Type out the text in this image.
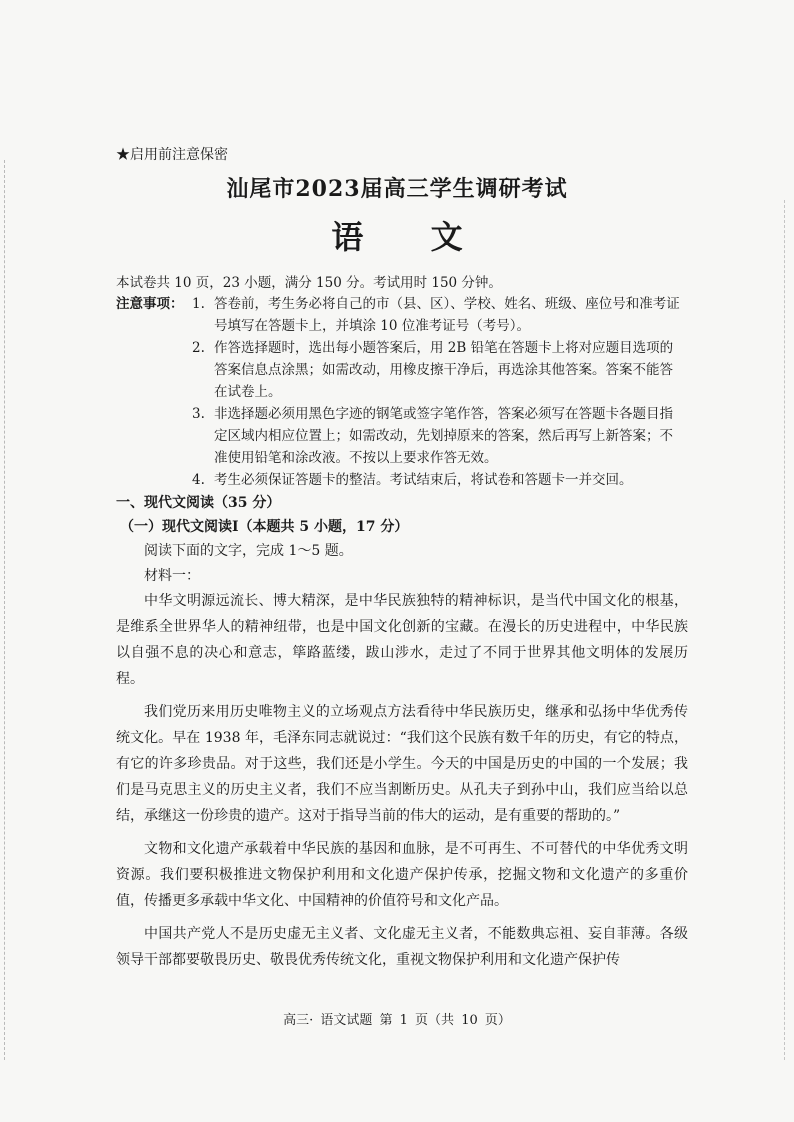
★启用前注意保密
汕尾市2023届高三学生调研考试
语 文
本试卷共 10 页，23 小题，满分 150 分。考试用时 150 分钟。
注意事项： 1. 答卷前，考生务必将自己的市（县、区）、学校、姓名、班级、座位号和准考证号填写在答题卡上，并填涂 10 位准考证号（考号）。
2. 作答选择题时，选出每小题答案后，用 2B 铅笔在答题卡上将对应题目选项的答案信息点涂黑；如需改动，用橡皮擦干净后，再选涂其他答案。答案不能答在试卷上。
3. 非选择题必须用黑色字迹的钢笔或签字笔作答，答案必须写在答题卡各题目指定区域内相应位置上；如需改动，先划掉原来的答案，然后再写上新答案；不准使用铅笔和涂改液。不按以上要求作答无效。
4. 考生必须保证答题卡的整洁。考试结束后，将试卷和答题卡一并交回。
一、现代文阅读（35 分）
（一）现代文阅读Ⅰ（本题共 5 小题，17 分）
阅读下面的文字，完成 1～5 题。
材料一：

中华文明源远流长、博大精深，是中华民族独特的精神标识，是当代中国文化的根基，是维系全世界华人的精神纽带，也是中国文化创新的宝藏。在漫长的历史进程中，中华民族以自强不息的决心和意志，筚路蓝缕，跋山涉水，走过了不同于世界其他文明体的发展历程。

我们党历来用历史唯物主义的立场观点方法看待中华民族历史，继承和弘扬中华优秀传统文化。早在 1938 年，毛泽东同志就说过：“我们这个民族有数千年的历史，有它的特点，有它的许多珍贵品。对于这些，我们还是小学生。今天的中国是历史的中国的一个发展；我们是马克思主义的历史主义者，我们不应当割断历史。从孔夫子到孙中山，我们应当给以总结，承继这一份珍贵的遗产。这对于指导当前的伟大的运动，是有重要的帮助的。”

文物和文化遗产承载着中华民族的基因和血脉，是不可再生、不可替代的中华优秀文明资源。我们要积极推进文物保护利用和文化遗产保护传承，挖掘文物和文化遗产的多重价值，传播更多承载中华文化、中国精神的价值符号和文化产品。

中国共产党人不是历史虚无主义者、文化虚无主义者，不能数典忘祖、妄自菲薄。各级领导干部都要敬畏历史、敬畏优秀传统文化，重视文物保护利用和文化遗产保护传

高三· 语文试题 第 1 页（共 10 页）
